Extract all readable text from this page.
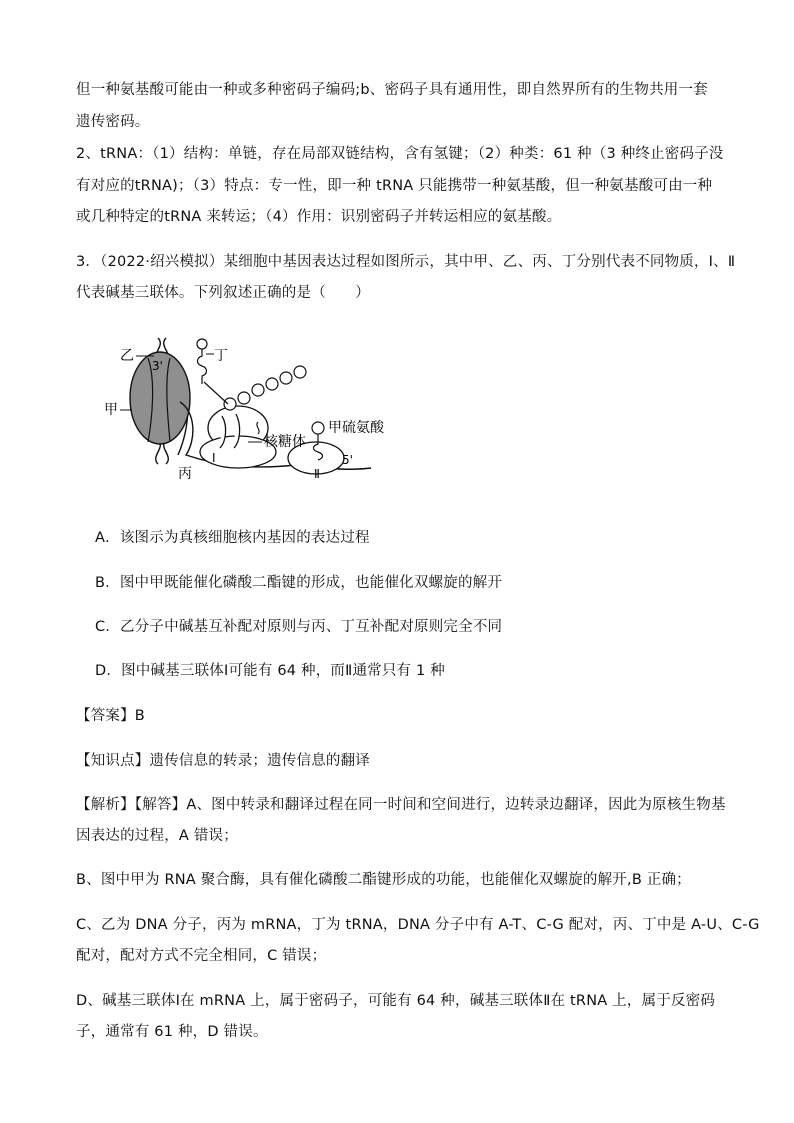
但一种氨基酸可能由一种或多种密码子编码;b、密码子具有通用性，即自然界所有的生物共用一套
遗传密码。
2、tRNA：（1）结构：单链，存在局部双链结构，含有氢键；（2）种类：61 种（3 种终止密码子没
有对应的tRNA)；（3）特点：专一性，即一种 tRNA 只能携带一种氨基酸，但一种氨基酸可由一种
或几种特定的tRNA 来转运；（4）作用：识别密码子并转运相应的氨基酸。
3．（2022·绍兴模拟）某细胞中基因表达过程如图所示，其中甲、乙、丙、丁分别代表不同物质，Ⅰ、Ⅱ
代表碱基三联体。下列叙述正确的是（　　）
乙	丁
甲
3'
丙
Ⅰ
核糖体
甲硫氨酸
Ⅱ
5'
A．该图示为真核细胞核内基因的表达过程
B．图中甲既能催化磷酸二酯键的形成，也能催化双螺旋的解开
C．乙分子中碱基互补配对原则与丙、丁互补配对原则完全不同
D．图中碱基三联体Ⅰ可能有 64 种，而Ⅱ通常只有 1 种
【答案】B
【知识点】遗传信息的转录；遗传信息的翻译
【解析】【解答】A、图中转录和翻译过程在同一时间和空间进行，边转录边翻译，因此为原核生物基
因表达的过程，A 错误；
B、图中甲为 RNA 聚合酶，具有催化磷酸二酯键形成的功能，也能催化双螺旋的解开,B 正确；
C、乙为 DNA 分子，丙为 mRNA，丁为 tRNA，DNA 分子中有 A-T、C-G 配对，丙、丁中是 A-U、C-G
配对，配对方式不完全相同，C 错误；
D、碱基三联体Ⅰ在 mRNA 上，属于密码子，可能有 64 种，碱基三联体Ⅱ在 tRNA 上，属于反密码
子，通常有 61 种，D 错误。
